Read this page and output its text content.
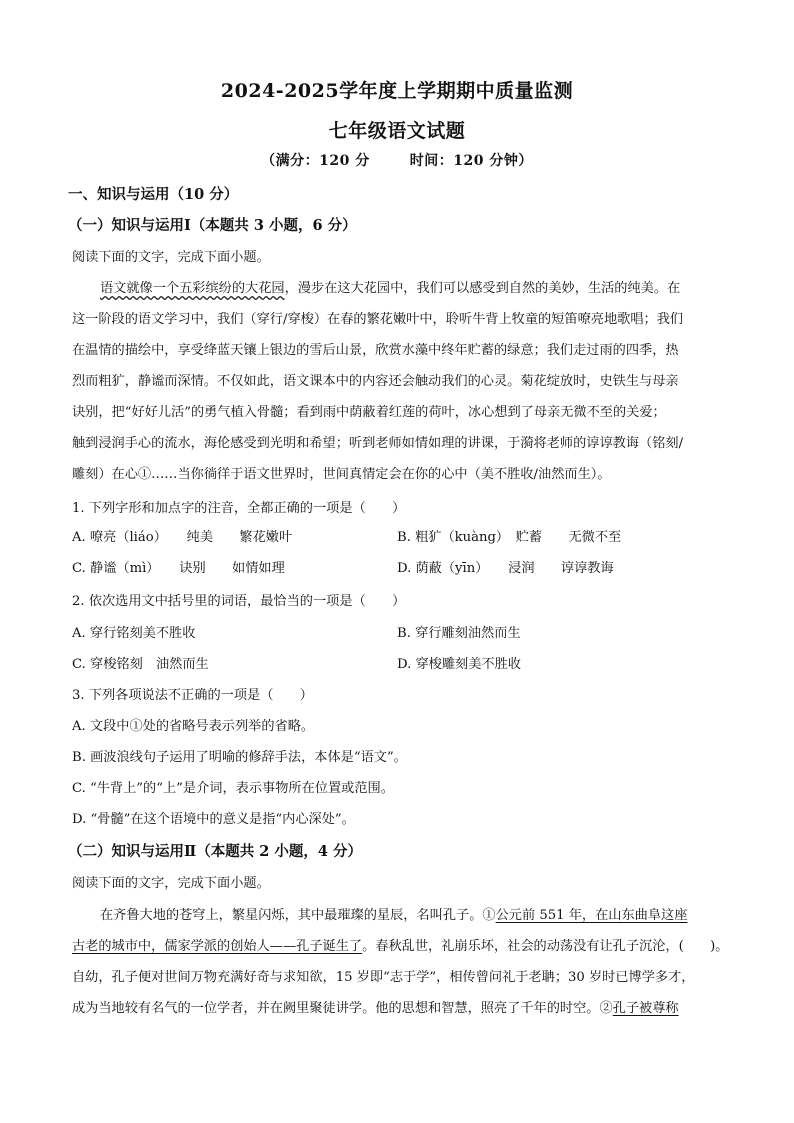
2024-2025学年度上学期期中质量监测
七年级语文试题
（满分：120 分	时间：120 分钟）
一、知识与运用（10 分）
（一）知识与运用Ⅰ（本题共 3 小题，6 分）
阅读下面的文字，完成下面小题。
语文就像一个五彩缤纷的大花园，漫步在这大花园中，我们可以感受到自然的美妙，生活的纯美。在
这一阶段的语文学习中，我们（穿行/穿梭）在春的繁花嫩叶中，聆听牛背上牧童的短笛嘹亮地歌唱；我们
在温情的描绘中，享受绛蓝天镶上银边的雪后山景，欣赏水藻中终年贮蓄的绿意；我们走过雨的四季，热
烈而粗犷，静谧而深情。不仅如此，语文课本中的内容还会触动我们的心灵。菊花绽放时，史铁生与母亲
诀别，把“好好儿活”的勇气植入骨髓；看到雨中荫蔽着红莲的荷叶，冰心想到了母亲无微不至的关爱；
触到浸润手心的流水，海伦感受到光明和希望；听到老师如情如理的讲课，于漪将老师的谆谆教诲（铭刻/
雕刻）在心①……当你徜徉于语文世界时，世间真情定会在你的心中（美不胜收/油然而生）。
1. 下列字形和加点字的注音，全都正确的一项是（　　）
A. 嘹亮（liáo）　　纯美　　繁花嫩叶	B. 粗犷（kuàng）　贮蓄　　无微不至
C. 静谧（mì）　　诀别　　如情如理	D. 荫蔽（yīn）　　浸润　　谆谆教诲
2. 依次选用文中括号里的词语，最恰当的一项是（　　）
A. 穿行铭刻美不胜收	B. 穿行雕刻油然而生
C. 穿梭铭刻　油然而生	D. 穿梭雕刻美不胜收
3. 下列各项说法不正确的一项是（　　）
A. 文段中①处的省略号表示列举的省略。
B. 画波浪线句子运用了明喻的修辞手法，本体是“语文”。
C. “牛背上”的“上”是介词，表示事物所在位置或范围。
D. “骨髓”在这个语境中的意义是指“内心深处”。
（二）知识与运用Ⅱ（本题共 2 小题，4 分）
阅读下面的文字，完成下面小题。
在齐鲁大地的苍穹上，繁星闪烁，其中最璀璨的星辰，名叫孔子。①公元前 551 年，在山东曲阜这座
古老的城市中，儒家学派的创始人——孔子诞生了。春秋乱世，礼崩乐坏，社会的动荡没有让孔子沉沦，(　　)。
自幼，孔子便对世间万物充满好奇与求知欲，15 岁即“志于学”，相传曾问礼于老聃；30 岁时已博学多才，
成为当地较有名气的一位学者，并在阙里聚徒讲学。他的思想和智慧，照亮了千年的时空。②孔子被尊称
